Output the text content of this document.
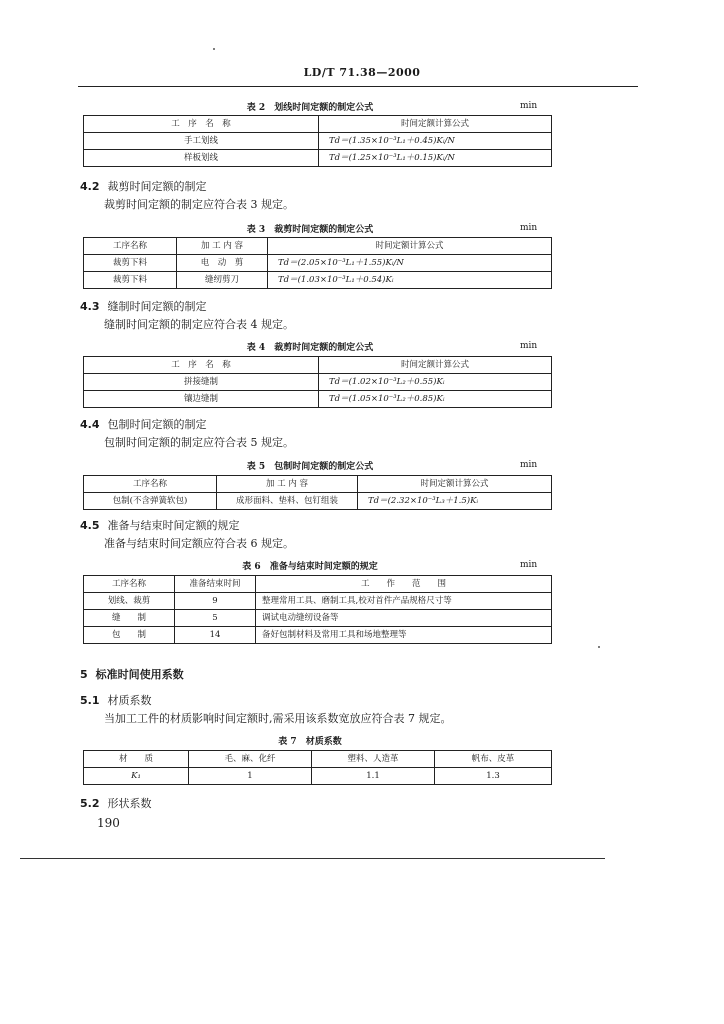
LD/T 71.38—2000
表 2　划线时间定额的制定公式	min
工　序　名　称	时间定额计算公式
手工划线	Td＝(1.35×10⁻³L₁＋0.45)Kᵢ/N
样板划线	Td＝(1.25×10⁻³L₁＋0.15)Kᵢ/N
4.2 裁剪时间定额的制定
裁剪时间定额的制定应符合表 3 规定。
表 3　裁剪时间定额的制定公式	min
工序名称	加 工 内 容	时间定额计算公式
裁剪下料	电　动　剪	Td＝(2.05×10⁻³L₁＋1.55)Kᵢ/N
裁剪下料	缝纫剪刀	Td＝(1.03×10⁻³L₁＋0.54)Kᵢ
4.3 缝制时间定额的制定
缝制时间定额的制定应符合表 4 规定。
表 4　裁剪时间定额的制定公式	min
工　序　名　称	时间定额计算公式
拼接缝制	Td＝(1.02×10⁻³L₂＋0.55)Kᵢ
镶边缝制	Td＝(1.05×10⁻³L₂＋0.85)Kᵢ
4.4 包制时间定额的制定
包制时间定额的制定应符合表 5 规定。
表 5　包制时间定额的制定公式	min
工序名称	加 工 内 容	时间定额计算公式
包制(不含弹簧软包)	成形面料、垫料、包钉组装	Td＝(2.32×10⁻³L₃＋1.5)Kᵢ
4.5 准备与结束时间定额的规定
准备与结束时间定额应符合表 6 规定。
表 6　准备与结束时间定额的规定	min
工序名称	准备结束时间	工　　作　　范　　围
划线、裁剪	9	整理常用工具、磨制工具,校对首件产品规格尺寸等
缝　　制	5	调试电动缝纫设备等
包　　制	14	备好包制材料及常用工具和场地整理等
5 标准时间使用系数
5.1 材质系数
当加工工件的材质影响时间定额时,需采用该系数宽放应符合表 7 规定。
表 7　材质系数
材　　质	毛、麻、化纤	塑料、人造革	帆布、皮革
K₁	1	1.1	1.3
5.2 形状系数
190
